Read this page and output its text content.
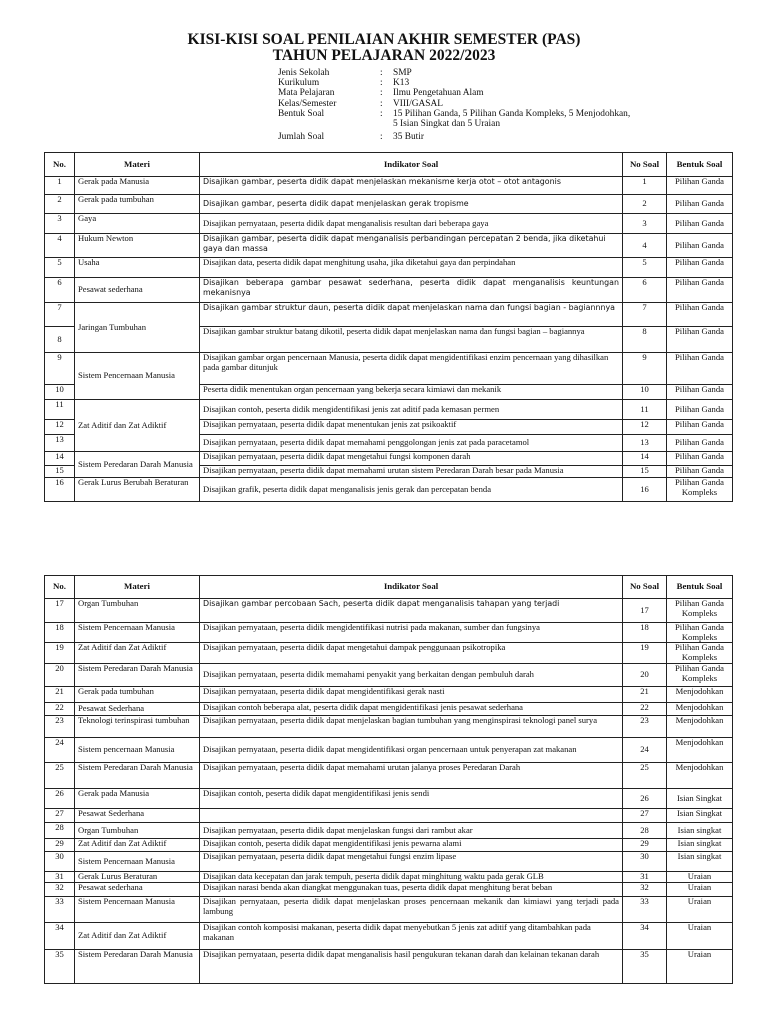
KISI-KISI SOAL PENILAIAN AKHIR SEMESTER (PAS)
TAHUN PELAJARAN 2022/2023
Jenis Sekolah	:	SMP
Kurikulum	:	K13
Mata Pelajaran	:	Ilmu Pengetahuan Alam
Kelas/Semester	:	VIII/GASAL
Bentuk Soal	:	15 Pilihan Ganda, 5 Pilihan Ganda Kompleks, 5 Menjodohkan,
5 Isian Singkat dan 5 Uraian
Jumlah Soal	:	35 Butir
No.	Materi	Indikator Soal	No Soal	Bentuk Soal
1	Gerak pada Manusia	Disajikan gambar, peserta didik dapat menjelaskan mekanisme kerja otot – otot antagonis	1	Pilihan Ganda
2	Gerak pada tumbuhan	Disajikan gambar, peserta didik dapat menjelaskan gerak tropisme	2	Pilihan Ganda
3	Gaya	Disajikan pernyataan, peserta didik dapat menganalisis resultan dari beberapa gaya	3	Pilihan Ganda
4	Hukum Newton	Disajikan gambar, peserta didik dapat menganalisis perbandingan percepatan 2 benda, jika diketahui gaya dan massa	4	Pilihan Ganda
5	Usaha	Disajikan data, peserta didik dapat menghitung usaha, jika diketahui gaya dan perpindahan	5	Pilihan Ganda
6	Pesawat sederhana	Disajikan beberapa gambar pesawat sederhana, peserta didik dapat menganalisis keuntungan mekanisnya	6	Pilihan Ganda
7	Jaringan Tumbuhan	Disajikan gambar struktur daun, peserta didik dapat menjelaskan nama dan fungsi bagian - bagiannnya	7	Pilihan Ganda
8		Disajikan gambar struktur batang dikotil, peserta didik dapat menjelaskan nama dan fungsi bagian – bagiannya	8	Pilihan Ganda
9	Sistem Pencernaan Manusia	Disajikan gambar organ pencernaan Manusia, peserta didik dapat mengidentifikasi enzim pencernaan yang dihasilkan pada gambar ditunjuk	9	Pilihan Ganda
10		Peserta didik menentukan organ pencernaan yang bekerja secara kimiawi dan mekanik	10	Pilihan Ganda
11	Zat Aditif dan Zat Adiktif	Disajikan contoh, peserta didik mengidentifikasi jenis zat aditif pada kemasan permen	11	Pilihan Ganda
12		Disajikan pernyataan, peserta didik dapat menentukan jenis zat psikoaktif	12	Pilihan Ganda
13		Disajikan pernyataan, peserta didik dapat memahami penggolongan jenis zat pada paracetamol	13	Pilihan Ganda
14	Sistem Peredaran Darah Manusia	Disajikan pernyataan, peserta didik dapat mengetahui fungsi komponen darah	14	Pilihan Ganda
15		Disajikan pernyataan, peserta didik dapat memahami urutan sistem Peredaran Darah besar pada Manusia	15	Pilihan Ganda
16	Gerak Lurus Berubah Beraturan	Disajikan grafik, peserta didik dapat menganalisis jenis gerak dan percepatan benda	16	Pilihan Ganda Kompleks
No.	Materi	Indikator Soal	No Soal	Bentuk Soal
17	Organ Tumbuhan	Disajikan gambar percobaan Sach, peserta didik dapat menganalisis tahapan yang terjadi	17	Pilihan Ganda Kompleks
18	Sistem Pencernaan Manusia	Disajikan pernyataan, peserta didik mengidentifikasi nutrisi pada makanan, sumber dan fungsinya	18	Pilihan Ganda Kompleks
19	Zat Aditif dan Zat Adiktif	Disajikan pernyataan, peserta didik dapat mengetahui dampak penggunaan psikotropika	19	Pilihan Ganda Kompleks
20	Sistem Peredaran Darah Manusia	Disajikan pernyataan, peserta didik memahami penyakit yang berkaitan dengan pembuluh darah	20	Pilihan Ganda Kompleks
21	Gerak pada tumbuhan	Disajikan pernyataan, peserta didik dapat mengidentifikasi gerak nasti	21	Menjodohkan
22	Pesawat Sederhana	Disajikan contoh beberapa alat, peserta didik dapat mengidentifikasi jenis pesawat sederhana	22	Menjodohkan
23	Teknologi terinspirasi tumbuhan	Disajikan pernyataan, peserta didik dapat menjelaskan bagian tumbuhan yang menginspirasi teknologi panel surya	23	Menjodohkan
24	Sistem pencernaan Manusia	Disajikan pernyataan, peserta didik dapat mengidentifikasi organ pencernaan untuk penyerapan zat makanan	24	Menjodohkan
25	Sistem Peredaran Darah Manusia	Disajikan pernyataan, peserta didik dapat memahami urutan jalanya proses Peredaran Darah	25	Menjodohkan
26	Gerak pada Manusia	Disajikan contoh, peserta didik dapat mengidentifikasi jenis sendi	26	Isian Singkat
27	Pesawat Sederhana		27	Isian Singkat
28	Organ Tumbuhan	Disajikan pernyataan, peserta didik dapat menjelaskan fungsi dari rambut akar	28	Isian singkat
29	Zat Aditif dan Zat Adiktif	Disajikan contoh, peserta didik dapat mengidentifikasi jenis pewarna alami	29	Isian singkat
30	Sistem Pencernaan Manusia	Disajikan pernyataan, peserta didik dapat mengetahui fungsi enzim lipase	30	Isian singkat
31	Gerak Lurus Beraturan	Disajikan data kecepatan dan jarak tempuh, peserta didik dapat minghitung waktu pada gerak GLB	31	Uraian
32	Pesawat sederhana	Disajikan narasi benda akan diangkat menggunakan tuas, peserta didik dapat menghitung berat beban	32	Uraian
33	Sistem Pencernaan Manusia	Disajikan pernyataan, peserta didik dapat menjelaskan proses pencernaan mekanik dan kimiawi yang terjadi pada lambung	33	Uraian
34	Zat Aditif dan Zat Adiktif	Disajikan contoh komposisi makanan, peserta didik dapat menyebutkan 5 jenis zat aditif yang ditambahkan pada makanan	34	Uraian
35	Sistem Peredaran Darah Manusia	Disajikan pernyataan, peserta didik dapat menganalisis hasil pengukuran tekanan darah dan kelainan tekanan darah	35	Uraian
